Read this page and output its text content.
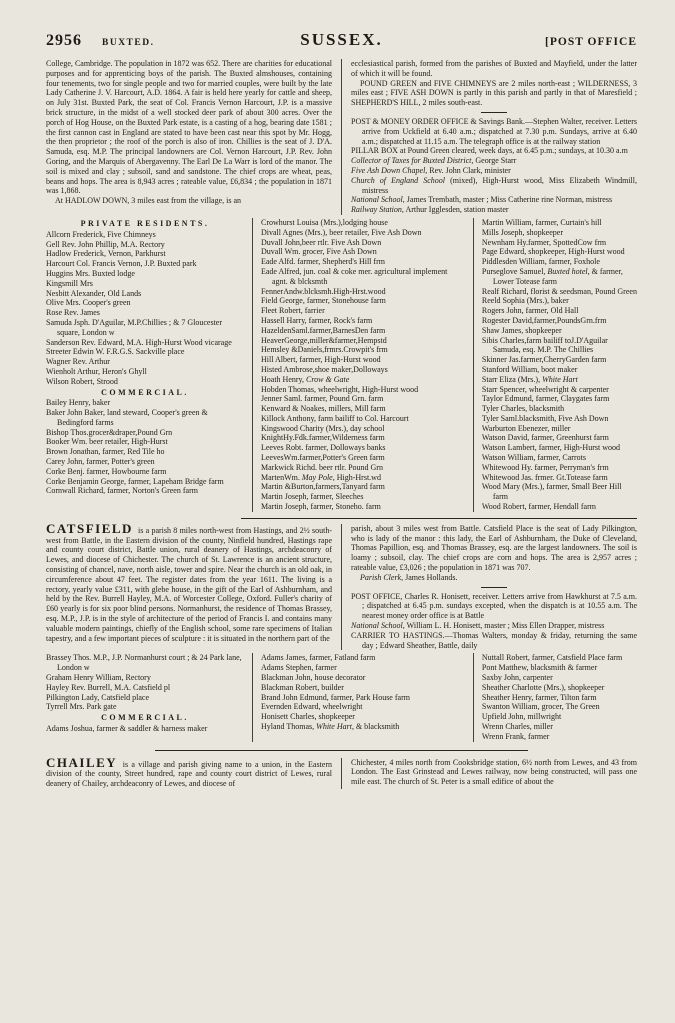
2956 BUXTED.	SUSSEX.	[POST OFFICE
College, Cambridge. The population in 1872 was 652. There are charities for educational purposes and for apprenticing boys of the parish. The Buxted almshouses, containing four tenements, two for single people and two for married couples, were built by the late Lady Catherine J. V. Harcourt, A.D. 1864. A fair is held here yearly for cattle and sheep, on July 31st. Buxted Park, the seat of Col. Francis Vernon Harcourt, J.P. is a massive brick structure, in the midst of a well stocked deer park of about 300 acres. Over the porch of Hog House, on the Buxted Park estate, is a casting of a hog, bearing date 1581 ; the first cannon cast in England are stated to have been cast near this spot by Mr. Hogg, the then proprietor ; the roof of the porch is also of iron. Chillies is the seat of J. D'A. Samuda, esq. M.P. The principal landowners are Col. Vernon Harcourt, J.P. Rev. John Goring, and the Marquis of Abergavenny. The Earl De La Warr is lord of the manor. The soil is mixed and clay ; subsoil, sand and sandstone. The chief crops are wheat, peas, beans and hops. The area is 8,943 acres ; rateable value, £6,834 ; the population in 1871 was 1,868.
At HADLOW DOWN, 3 miles east from the village, is an
ecclesiastical parish, formed from the parishes of Buxted and Mayfield, under the latter of which it will be found.
POUND GREEN and FIVE CHIMNEYS are 2 miles north-east ; WILDERNESS, 3 miles east ; FIVE ASH DOWN is partly in this parish and partly in that of Maresfield ; SHEPHERD'S HILL, 2 miles south-east.
POST & MONEY ORDER OFFICE & Savings Bank.—Stephen Walter, receiver. Letters arrive from Uckfield at 6.40 a.m.; dispatched at 7.30 p.m. Sundays, arrive at 6.40 a.m.; dispatched at 11.15 a.m. The telegraph office is at the railway station
PILLAR BOX at Pound Green cleared, week days, at 6.45 p.m.; sundays, at 10.30 a.m
Collector of Taxes for Buxted District, George Starr
Five Ash Down Chapel, Rev. John Clark, minister
Church of England School (mixed), High-Hurst wood, Miss Elizabeth Windmill, mistress
National School, James Trembath, master ; Miss Catherine rine Norman, mistress
Railway Station, Arthur Igglesden, station master
PRIVATE RESIDENTS.
Allcorn Frederick, Five Chimneys
Gell Rev. John Phillip, M.A. Rectory
Hadlow Frederick, Vernon, Parkhurst
Harcourt Col. Francis Vernon, J.P. Buxted park
Huggins Mrs. Buxted lodge
Kingsmill Mrs
Nesbitt Alexander, Old Lands
Olive Mrs. Cooper's green
Rose Rev. James
Samuda Jsph. D'Aguilar, M.P.Chillies ; & 7 Gloucester square, London w
Sanderson Rev. Edward, M.A. High-Hurst Wood vicarage
Streeter Edwin W. F.R.G.S. Sackville place
Wagner Rev. Arthur
Wienholt Arthur, Heron's Ghyll
Wilson Robert, Strood
COMMERCIAL.
Bailey Henry, baker
Baker John Baker, land steward, Cooper's green & Bedingford farms
Bishop Thos.grocer&draper,Pound Grn
Booker Wm. beer retailer, High-Hurst
Brown Jonathan, farmer, Red Tile ho
Carey John, farmer, Potter's green
Corke Benj. farmer, Howbourne farm
Corke Benjamin George, farmer, Lapeham Bridge farm
Cornwall Richard, farmer, Norton's Green farm
Crowhurst Louisa (Mrs.),lodging house
Divall Agnes (Mrs.), beer retailer, Five Ash Down
Duvall John,beer rtlr. Five Ash Down
Duvall Wm. grocer, Five Ash Down
Eade Alfd. farmer, Shepherd's Hill frm
Eade Alfred, jun. coal & coke mer. agricultural implement agnt. & blcksmth
FennerAndw.blcksmh.High-Hrst.wood
Field George, farmer, Stonehouse farm
Fleet Robert, farrier
Hassell Harry, farmer, Rock's farm
HazeldenSaml.farmer,BarnesDen farm
HeaverGeorge,miller&farmer,Hempstd
Hemsley &Daniels,frmrs.Crowpit's frm
Hill Albert, farmer, High-Hurst wood
Histed Ambrose,shoe maker,Dolloways
Hoath Henry, Crow & Gate
Hobden Thomas, wheelwright, High-Hurst wood
Jenner Saml. farmer, Pound Grn. farm
Kenward & Noakes, millers, Mill farm
Killock Anthony, farm bailiff to Col. Harcourt
Kingswood Charity (Mrs.), day school
KnightHy.Fdk.farmer,Wilderness farm
Leeves Robt. farmer, Dolloways banks
LeevesWm.farmer,Potter's Green farm
Markwick Richd. beer rtlr. Pound Grn
MartenWm. May Pole, High-Hrst.wd
Martin &Burton,farmers,Tanyard farm
Martin Joseph, farmer, Sleeches
Martin Joseph, farmer, Stoneho. farm
Martin William, farmer, Curtain's hill
Mills Joseph, shopkeeper
Newnham Hy.farmer, SpottedCow frm
Page Edward, shopkeeper, High-Hurst wood
Piddlesden William, farmer, Foxhole
Purseglove Samuel, Buxted hotel, & farmer, Lower Totease farm
Realf Richard, florist & seedsman, Pound Green
Reeld Sophia (Mrs.), baker
Rogers John, farmer, Old Hall
Rogester David,farmer,PoundsGrn.frm
Shaw James, shopkeeper
Sibis Charles,farm bailiff toJ.D'Aguilar Samuda, esq. M.P. The Chillies
Skinner Jas.farmer,CherryGarden farm
Stanford William, boot maker
Starr Eliza (Mrs.), White Hart
Starr Spencer, wheelwright & carpenter
Taylor Edmund, farmer, Claygates farm
Tyler Charles, blacksmith
Tyler Saml.blacksmith, Five Ash Down
Warburton Ebenezer, miller
Watson David, farmer, Greenhurst farm
Watson Lambert, farmer, High-Hurst wood
Watson William, farmer, Carrots
Whitewood Hy. farmer, Perryman's frm
Whitewood Jas. frmer. Gt.Totease farm
Wood Mary (Mrs.), farmer, Small Beer Hill farm
Wood Robert, farmer, Hendall farm
CATSFIELD is a parish 8 miles north-west from Hastings, and 2½ south-west from Battle, in the Eastern division of the county, Ninfield hundred, Hastings rape and county court district, Battle union, rural deanery of Hastings, archdeaconry of Lewes, and diocese of Chichester. The church of St. Lawrence is an ancient structure, consisting of chancel, nave, north aisle, tower and spire. Near the church is an old oak, in circumference about 47 feet. The register dates from the year 1611. The living is a rectory, yearly value £311, with glebe house, in the gift of the Earl of Ashburnham, and held by the Rev. Burrell Hayley, M.A. of Worcester College, Oxford. Fuller's charity of £60 yearly is for six poor blind persons. Normanhurst, the residence of Thomas Brassey, esq. M.P., J.P. is in the style of architecture of the period of Francis I. and contains many valuable modern paintings, chiefly of the English school, some rare specimens of Italian tapestry, and a few important pieces of sculpture : it is situated in the northern part of the
parish, about 3 miles west from Battle. Catsfield Place is the seat of Lady Pilkington, who is lady of the manor : this lady, the Earl of Ashburnham, the Duke of Cleveland, Thomas Papillion, esq. and Thomas Brassey, esq. are the largest landowners. The soil is loamy ; subsoil, clay. The chief crops are corn and hops. The area is 2,957 acres ; rateable value, £3,026 ; the population in 1871 was 707.
Parish Clerk, James Hollands.
POST OFFICE, Charles R. Honisett, receiver. Letters arrive from Hawkhurst at 7.5 a.m. ; dispatched at 6.45 p.m. sundays excepted, when the dispatch is at 10.55 a.m. The nearest money order office is at Battle
National School, William L. H. Honisett, master ; Miss Ellen Drapper, mistress
CARRIER TO HASTINGS.—Thomas Walters, monday & friday, returning the same day ; Edward Sheather, Battle, daily
Brassey Thos. M.P., J.P. Normanhurst court ; & 24 Park lane, London w
Graham Henry William, Rectory
Hayley Rev. Burrell, M.A. Catsfield pl
Pilkington Lady, Catsfield place
Tyrrell Mrs. Park gate
COMMERCIAL.
Adams Joshua, farmer & saddler & harness maker
Adams James, farmer, Fatland farm
Adams Stephen, farmer
Blackman John, house decorator
Blackman Robert, builder
Brand John Edmund, farmer, Park House farm
Evernden Edward, wheelwright
Honisett Charles, shopkeeper
Hyland Thomas, White Hart, & blacksmith
Nuttall Robert, farmer, Catsfield Place farm
Pont Matthew, blacksmith & farmer
Saxby John, carpenter
Sheather Charlotte (Mrs.), shopkeeper
Sheather Henry, farmer, Tilton farm
Swanton William, grocer, The Green
Upfield John, millwright
Wrenn Charles, miller
Wrenn Frank, farmer
CHAILEY is a village and parish giving name to a union, in the Eastern division of the county, Street hundred, rape and county court district of Lewes, rural deanery of Chailey, archdeaconry of Lewes, and diocese of
Chichester, 4 miles north from Cooksbridge station, 6½ north from Lewes, and 43 from London. The East Grinstead and Lewes railway, now being constructed, will pass one mile east. The church of St. Peter is a small edifice of about the
